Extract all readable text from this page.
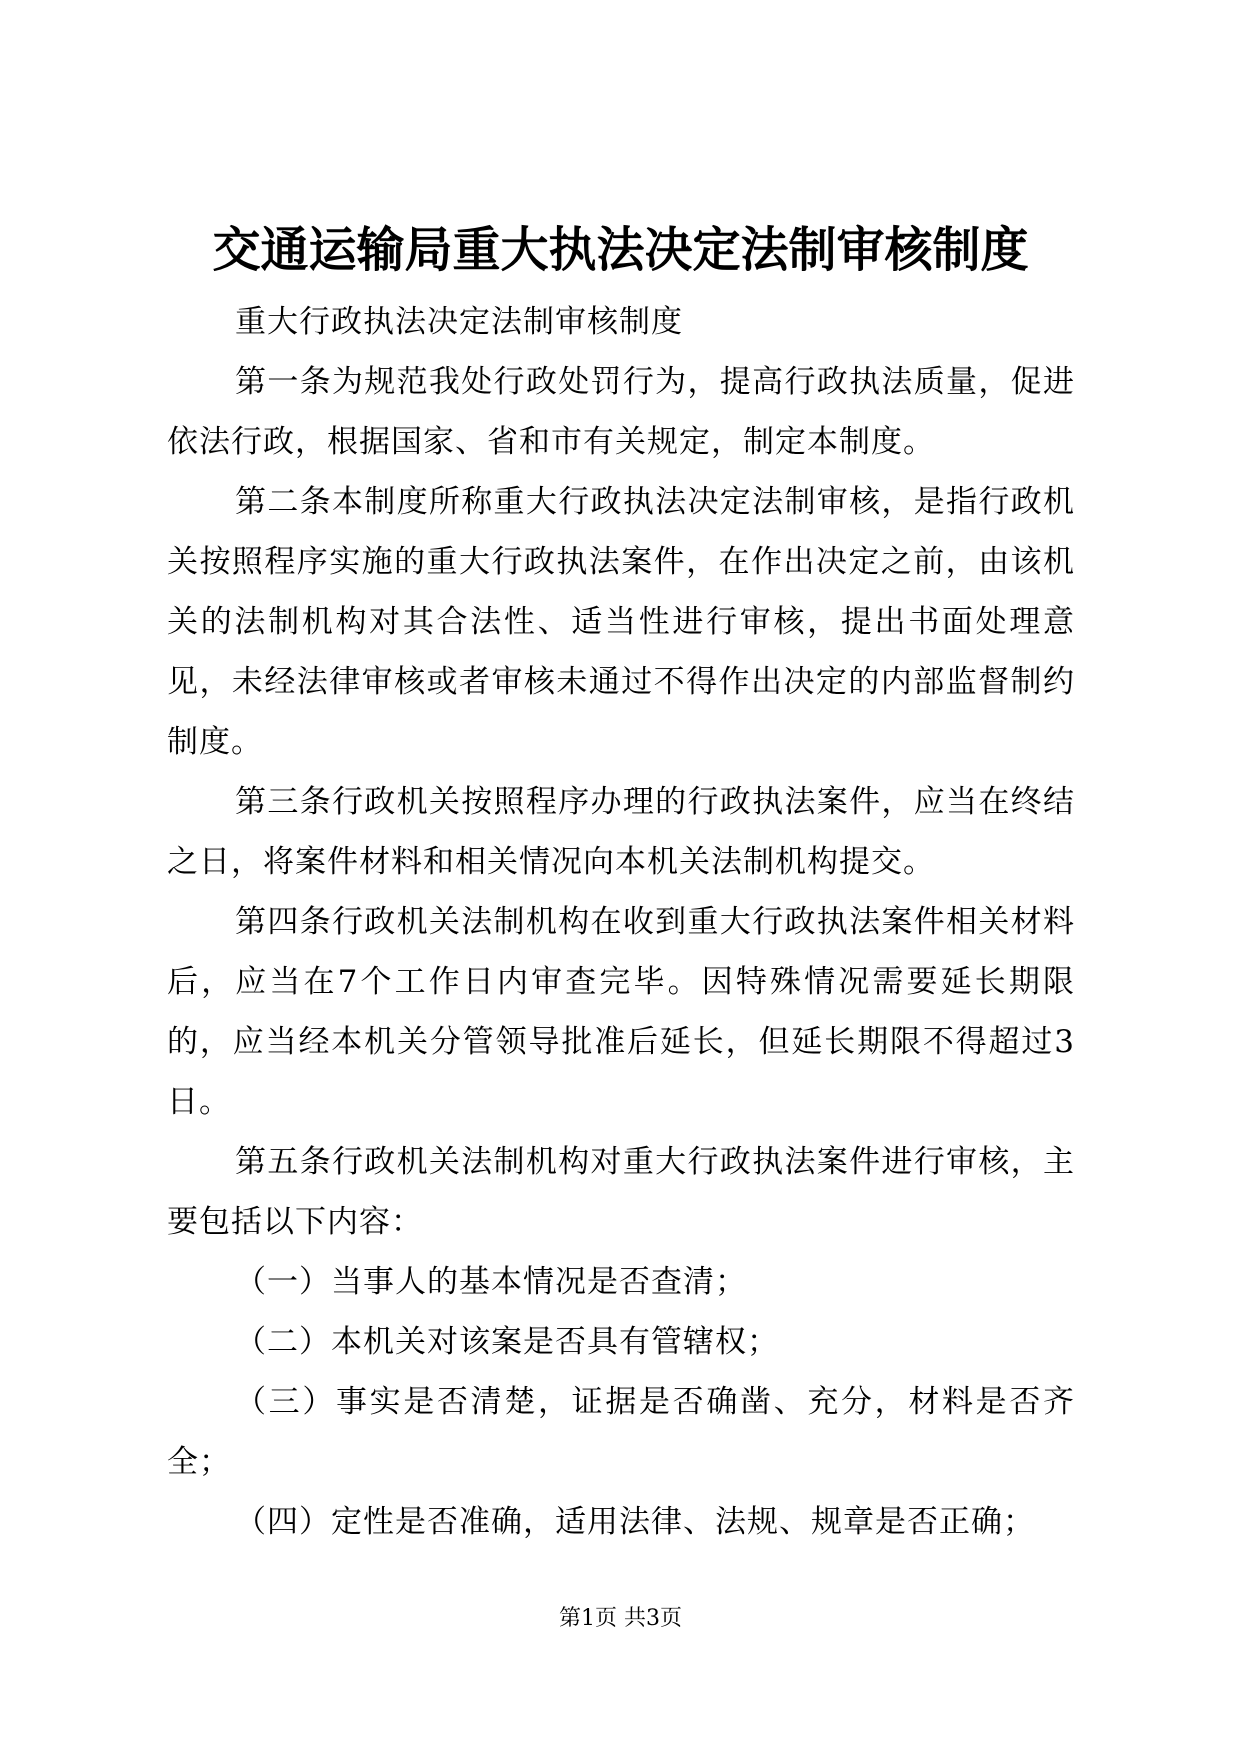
交通运输局重大执法决定法制审核制度

重大行政执法决定法制审核制度

第一条为规范我处行政处罚行为，提高行政执法质量，促进依法行政，根据国家、省和市有关规定，制定本制度。

第二条本制度所称重大行政执法决定法制审核，是指行政机关按照程序实施的重大行政执法案件，在作出决定之前，由该机关的法制机构对其合法性、适当性进行审核，提出书面处理意见，未经法律审核或者审核未通过不得作出决定的内部监督制约制度。

第三条行政机关按照程序办理的行政执法案件，应当在终结之日，将案件材料和相关情况向本机关法制机构提交。

第四条行政机关法制机构在收到重大行政执法案件相关材料后，应当在7个工作日内审查完毕。因特殊情况需要延长期限的，应当经本机关分管领导批准后延长，但延长期限不得超过3日。

第五条行政机关法制机构对重大行政执法案件进行审核，主要包括以下内容：

（一）当事人的基本情况是否查清；

（二）本机关对该案是否具有管辖权；

（三）事实是否清楚，证据是否确凿、充分，材料是否齐全；

（四）定性是否准确，适用法律、法规、规章是否正确；

第1页 共3页
